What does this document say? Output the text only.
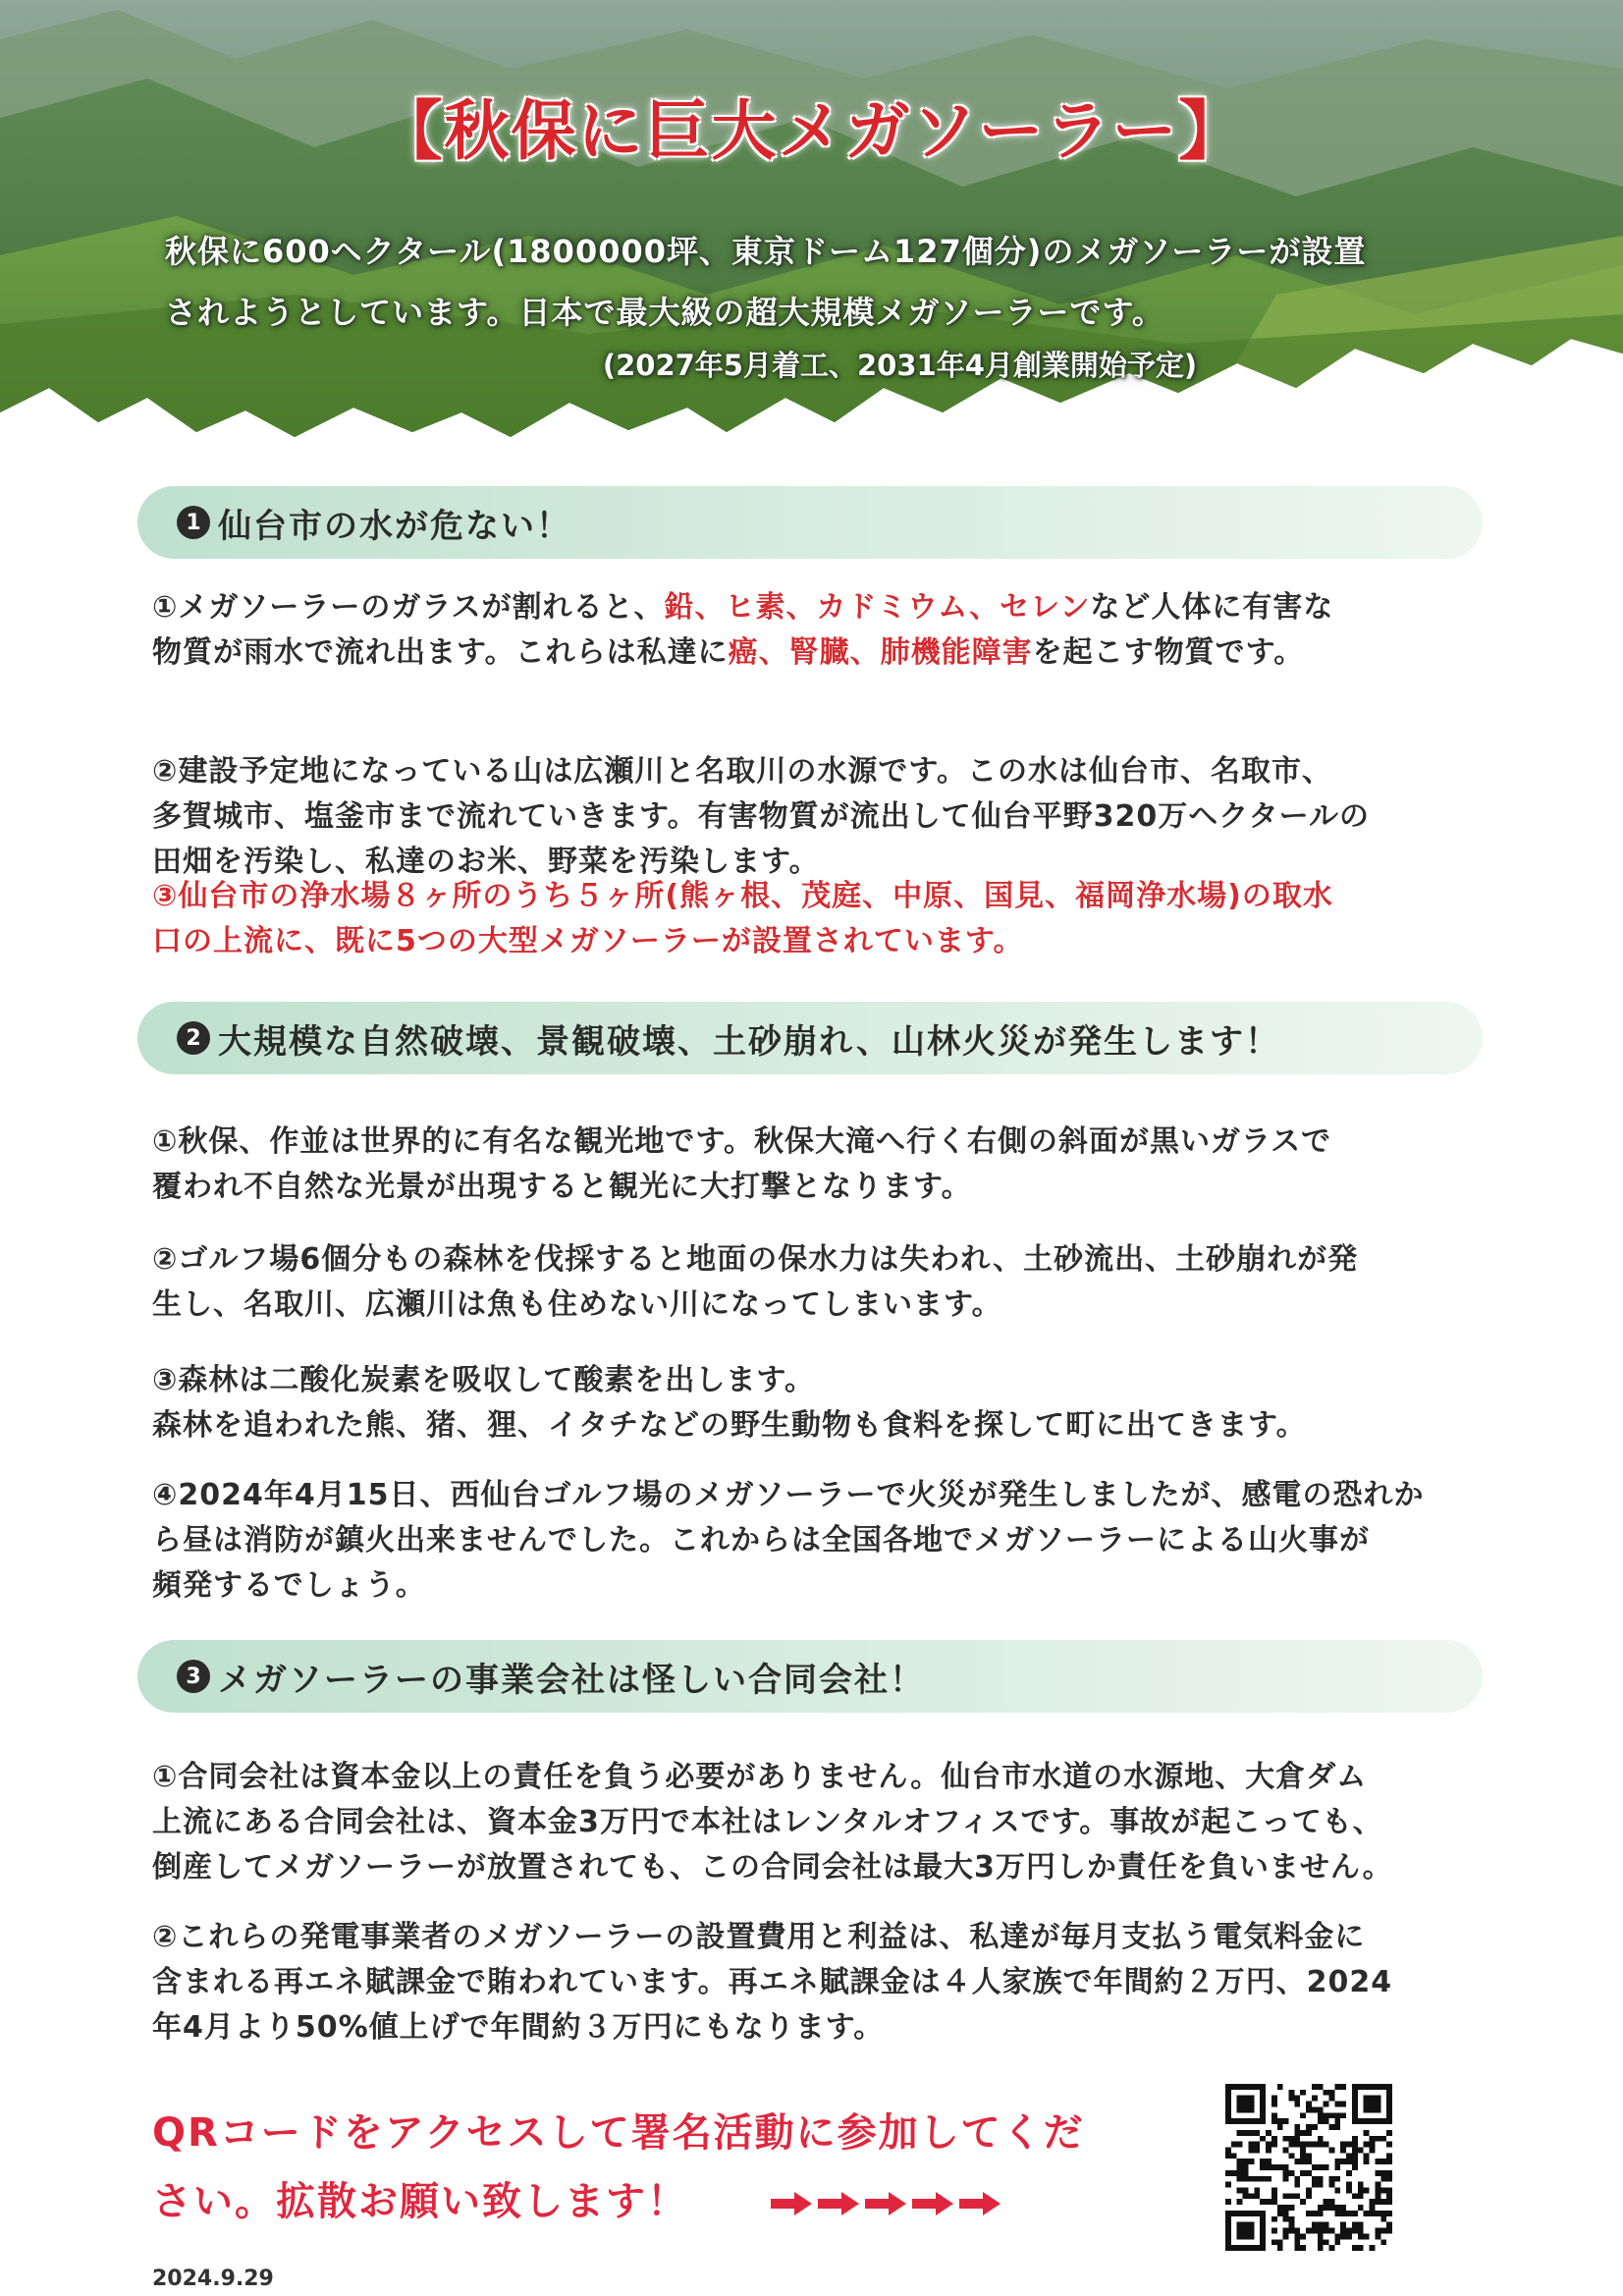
【秋保に巨大メガソーラー】
秋保に600ヘクタール(1800000坪、東京ドーム127個分)のメガソーラーが設置
されようとしています。日本で最大級の超大規模メガソーラーです。
(2027年5月着工、2031年4月創業開始予定)
1 仙台市の水が危ない！
①メガソーラーのガラスが割れると、鉛、ヒ素、カドミウム、セレンなど人体に有害な
物質が雨水で流れ出ます。これらは私達に癌、腎臓、肺機能障害を起こす物質です。
②建設予定地になっている山は広瀬川と名取川の水源です。この水は仙台市、名取市、
多賀城市、塩釜市まで流れていきます。有害物質が流出して仙台平野320万ヘクタールの
田畑を汚染し、私達のお米、野菜を汚染します。
③仙台市の浄水場８ヶ所のうち５ヶ所(熊ヶ根、茂庭、中原、国見、福岡浄水場)の取水
口の上流に、既に5つの大型メガソーラーが設置されています。
2 大規模な自然破壊、景観破壊、土砂崩れ、山林火災が発生します！
①秋保、作並は世界的に有名な観光地です。秋保大滝へ行く右側の斜面が黒いガラスで
覆われ不自然な光景が出現すると観光に大打撃となります。
②ゴルフ場6個分もの森林を伐採すると地面の保水力は失われ、土砂流出、土砂崩れが発
生し、名取川、広瀬川は魚も住めない川になってしまいます。
③森林は二酸化炭素を吸収して酸素を出します。
森林を追われた熊、猪、狸、イタチなどの野生動物も食料を探して町に出てきます。
④2024年4月15日、西仙台ゴルフ場のメガソーラーで火災が発生しましたが、感電の恐れか
ら昼は消防が鎮火出来ませんでした。これからは全国各地でメガソーラーによる山火事が
頻発するでしょう。
3 メガソーラーの事業会社は怪しい合同会社！
①合同会社は資本金以上の責任を負う必要がありません。仙台市水道の水源地、大倉ダム
上流にある合同会社は、資本金3万円で本社はレンタルオフィスです。事故が起こっても、
倒産してメガソーラーが放置されても、この合同会社は最大3万円しか責任を負いません。
②これらの発電事業者のメガソーラーの設置費用と利益は、私達が毎月支払う電気料金に
含まれる再エネ賦課金で賄われています。再エネ賦課金は４人家族で年間約２万円、2024
年4月より50%値上げで年間約３万円にもなります。
QRコードをアクセスして署名活動に参加してくだ
さい。拡散お願い致します！
2024.9.29
